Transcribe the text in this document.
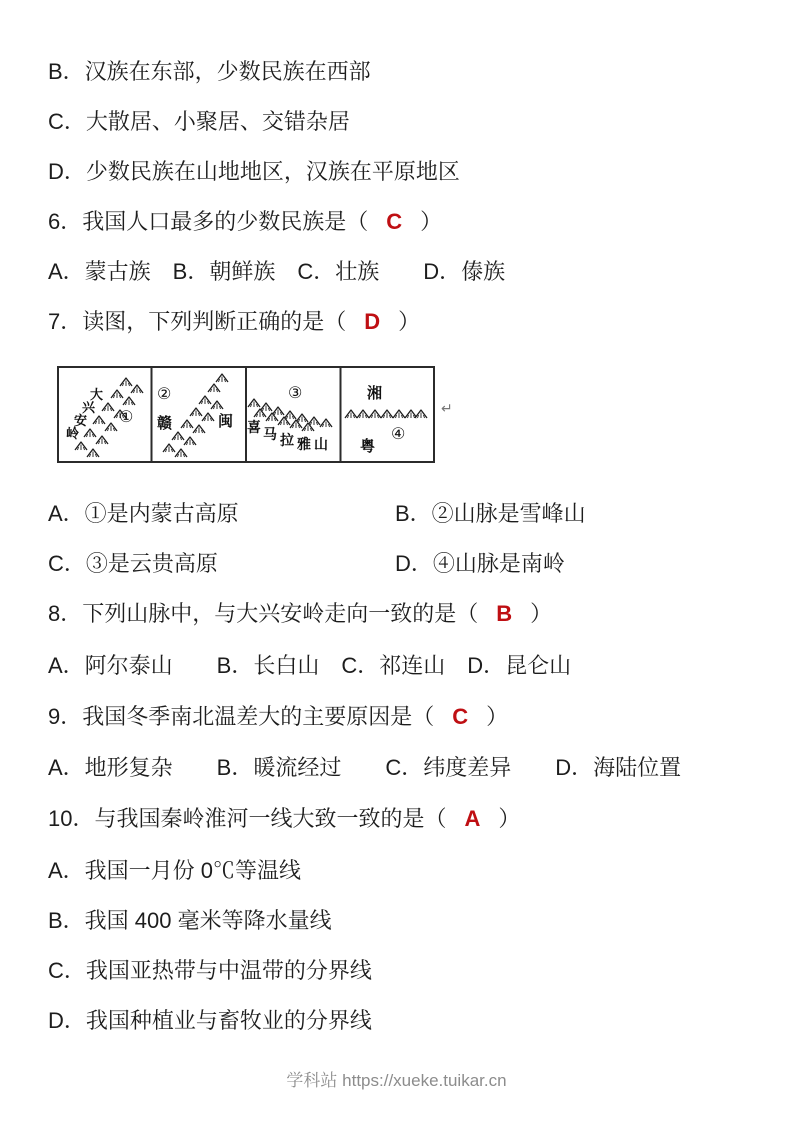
B．汉族在东部，少数民族在西部
C．大散居、小聚居、交错杂居
D．少数民族在山地地区，汉族在平原地区
6．我国人口最多的少数民族是（ C ）
A．蒙古族　B．朝鲜族　C．壮族　　D．傣族
7．读图，下列判断正确的是（ D ）
大兴安岭
①
②
赣	闽
③
喜马拉雅山
湘
④
粤
↵
A．①是内蒙古高原	B．②山脉是雪峰山
C．③是云贵高原	D．④山脉是南岭
8．下列山脉中，与大兴安岭走向一致的是（ B ）
A．阿尔泰山　　B．长白山　C．祁连山　D．昆仑山
9．我国冬季南北温差大的主要原因是（ C ）
A．地形复杂　　B．暖流经过　　C．纬度差异　　D．海陆位置
10．与我国秦岭淮河一线大致一致的是（ A ）
A．我国一月份 0℃等温线
B．我国 400 毫米等降水量线
C．我国亚热带与中温带的分界线
D．我国种植业与畜牧业的分界线
学科站 https://xueke.tuikar.cn
